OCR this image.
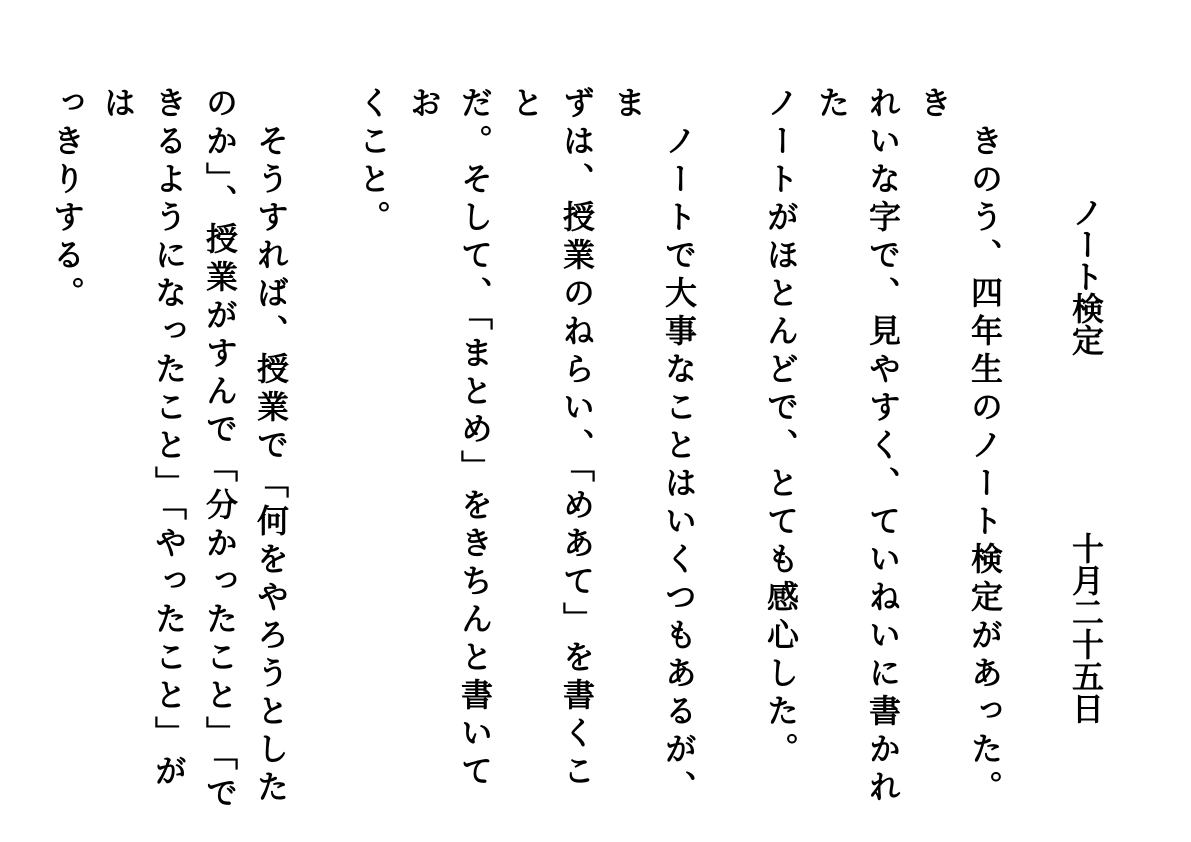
ノート検定
十月二十五日
　きのう、四年生のノート検定があった。き
れいな字で、見やすく、ていねいに書かれた
ノートがほとんどで、とても感心した。

　ノートで大事なことはいくつもあるが、ま
ずは、授業のねらい、「めあて」を書くこと
だ。そして、「まとめ」をきちんと書いてお
くこと。

　そうすれば、授業で「何をやろうとした
のか」、授業がすんで「分かったこと」「で
きるようになったこと」「やったこと」がは
っきりする。
